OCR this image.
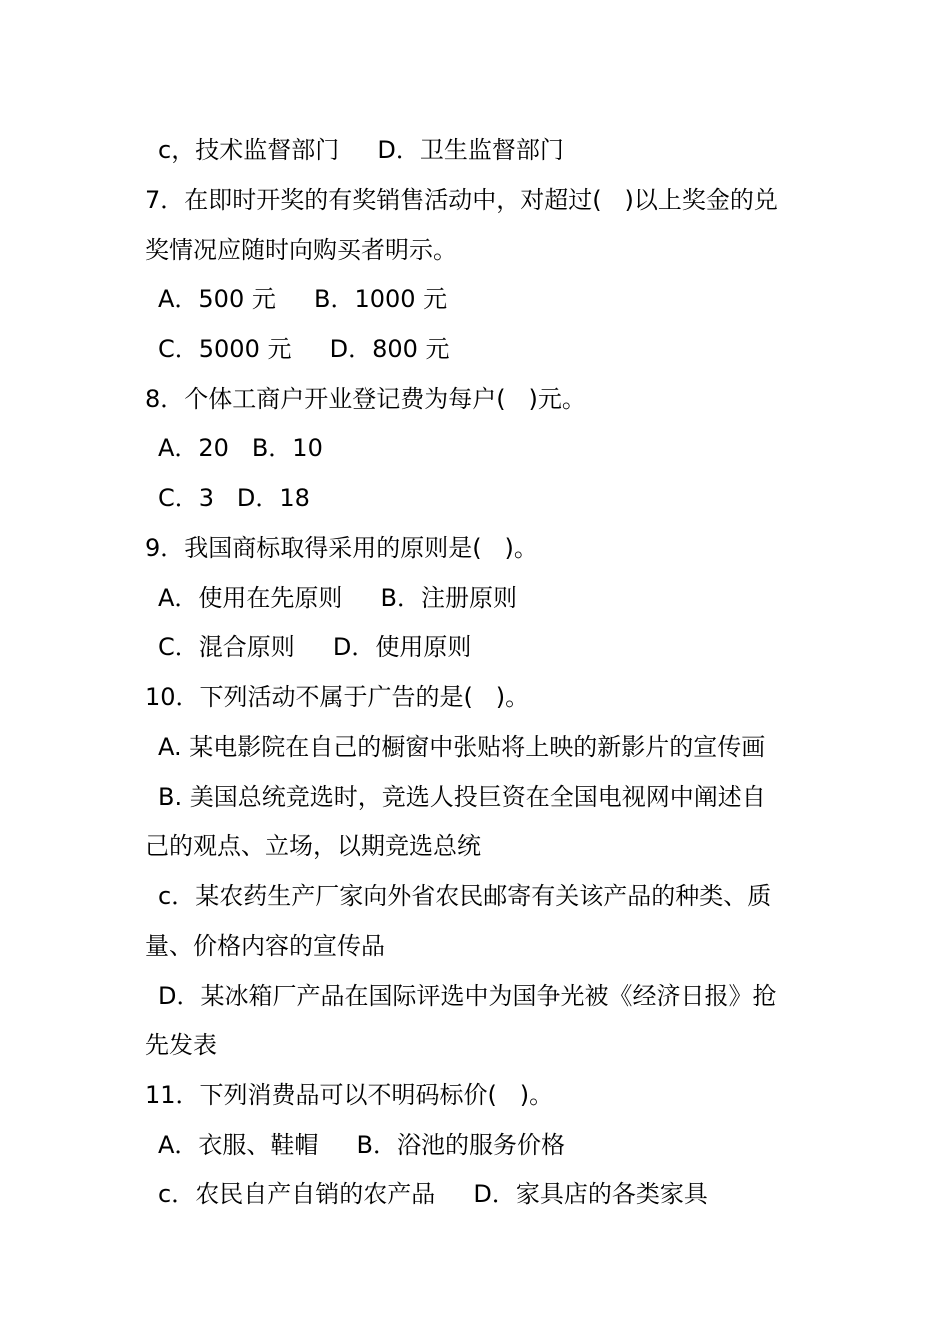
c，技术监督部门     D．卫生监督部门
7．在即时开奖的有奖销售活动中，对超过(   )以上奖金的兑
奖情况应随时向购买者明示。
A．500 元     B．1000 元
C．5000 元     D．800 元
8．个体工商户开业登记费为每户(   )元。
A．20   B．10
C．3   D．18
9．我国商标取得采用的原则是(   )。
A．使用在先原则     B．注册原则
C．混合原则     D．使用原则
10．下列活动不属于广告的是(   )。
A. 某电影院在自己的橱窗中张贴将上映的新影片的宣传画
B. 美国总统竞选时，竞选人投巨资在全国电视网中阐述自
己的观点、立场，以期竞选总统
c．某农药生产厂家向外省农民邮寄有关该产品的种类、质
量、价格内容的宣传品
D．某冰箱厂产品在国际评选中为国争光被《经济日报》抢
先发表
11．下列消费品可以不明码标价(   )。
A．衣服、鞋帽     B．浴池的服务价格
c．农民自产自销的农产品     D．家具店的各类家具
